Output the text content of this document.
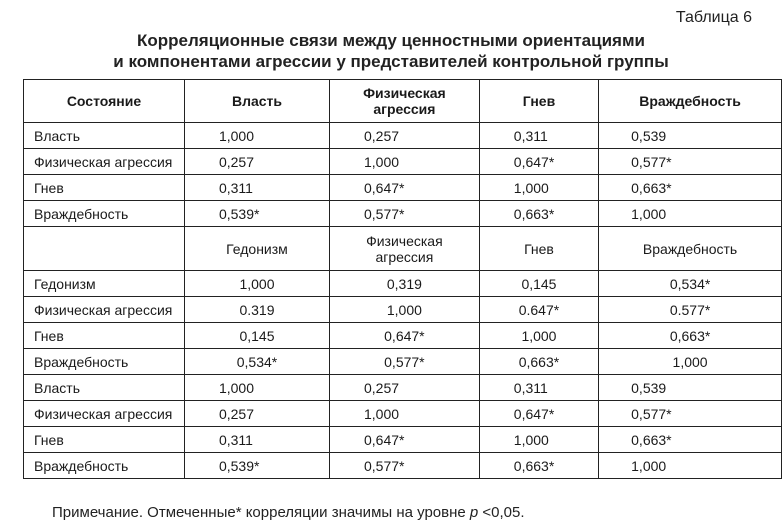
Таблица 6
Корреляционные связи между ценностными ориентациями
и компонентами агрессии у представителей контрольной группы
Состояние	Власть	Физическая агрессия	Гнев	Враждебность
Власть	1,000	0,257	0,311	0,539
Физическая агрессия	0,257	1,000	0,647*	0,577*
Гнев	0,311	0,647*	1,000	0,663*
Враждебность	0,539*	0,577*	0,663*	1,000
	Гедонизм	Физическая агрессия	Гнев	Враждебность
Гедонизм	1,000	0,319	0,145	0,534*
Физическая агрессия	0.319	1,000	0.647*	0.577*
Гнев	0,145	0,647*	1,000	0,663*
Враждебность	0,534*	0,577*	0,663*	1,000
Власть	1,000	0,257	0,311	0,539
Физическая агрессия	0,257	1,000	0,647*	0,577*
Гнев	0,311	0,647*	1,000	0,663*
Враждебность	0,539*	0,577*	0,663*	1,000
Примечание. Отмеченные* корреляции значимы на уровне р <0,05.
